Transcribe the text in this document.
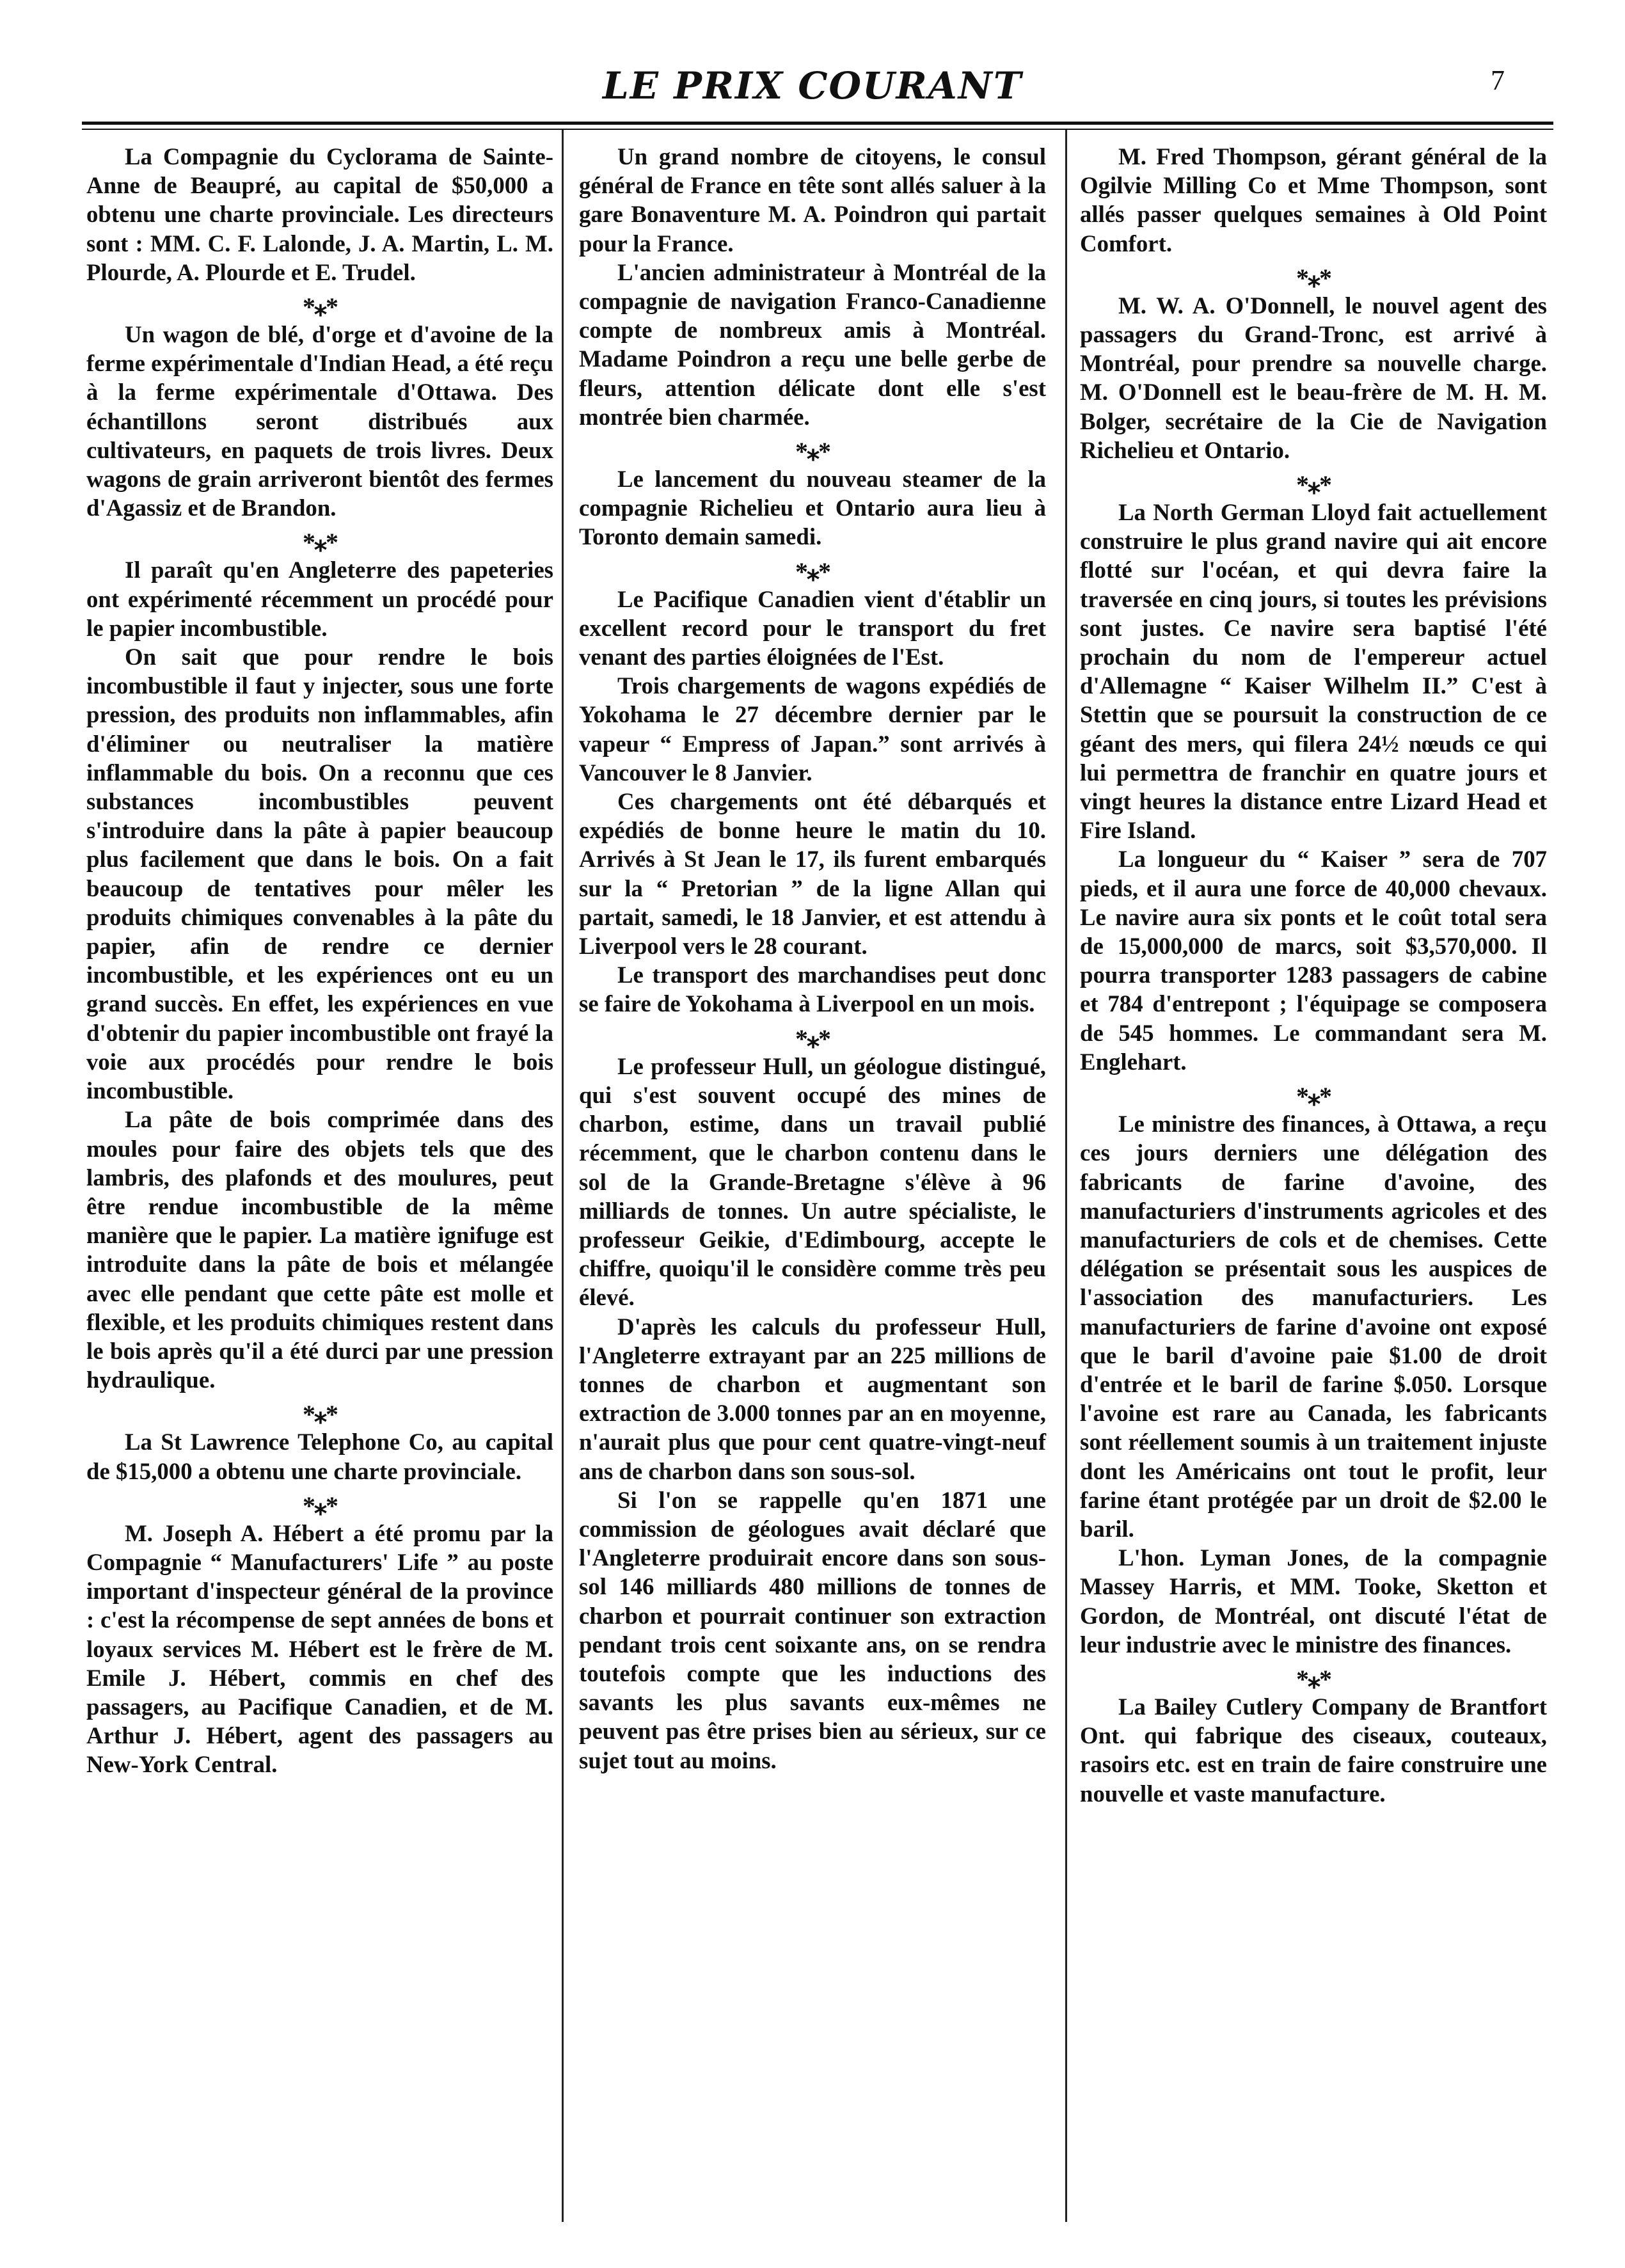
LE PRIX COURANT	7
La Compagnie du Cyclorama de Sainte-Anne de Beaupré, au capital de $50,000 a obtenu une charte provinciale. Les directeurs sont : MM. C. F. Lalonde, J. A. Martin, L. M. Plourde, A. Plourde et E. Trudel.
*⁎*
Un wagon de blé, d'orge et d'avoine de la ferme expérimentale d'Indian Head, a été reçu à la ferme expérimentale d'Ottawa. Des échantillons seront distribués aux cultivateurs, en paquets de trois livres. Deux wagons de grain arriveront bientôt des fermes d'Agassiz et de Brandon.
*⁎*
Il paraît qu'en Angleterre des papeteries ont expérimenté récemment un procédé pour le papier incombustible.
On sait que pour rendre le bois incombustible il faut y injecter, sous une forte pression, des produits non inflammables, afin d'éliminer ou neutraliser la matière inflammable du bois. On a reconnu que ces substances incombustibles peuvent s'introduire dans la pâte à papier beaucoup plus facilement que dans le bois. On a fait beaucoup de tentatives pour mêler les produits chimiques convenables à la pâte du papier, afin de rendre ce dernier incombustible, et les expériences ont eu un grand succès. En effet, les expériences en vue d'obtenir du papier incombustible ont frayé la voie aux procédés pour rendre le bois incombustible.
La pâte de bois comprimée dans des moules pour faire des objets tels que des lambris, des plafonds et des moulures, peut être rendue incombustible de la même manière que le papier. La matière ignifuge est introduite dans la pâte de bois et mélangée avec elle pendant que cette pâte est molle et flexible, et les produits chimiques restent dans le bois après qu'il a été durci par une pression hydraulique.
*⁎*
La St Lawrence Telephone Co, au capital de $15,000 a obtenu une charte provinciale.
*⁎*
M. Joseph A. Hébert a été promu par la Compagnie “ Manufacturers' Life ” au poste important d'inspecteur général de la province : c'est la récompense de sept années de bons et loyaux services M. Hébert est le frère de M. Emile J. Hébert, commis en chef des passagers, au Pacifique Canadien, et de M. Arthur J. Hébert, agent des passagers au New-York Central.
Un grand nombre de citoyens, le consul général de France en tête sont allés saluer à la gare Bonaventure M. A. Poindron qui partait pour la France.
L'ancien administrateur à Montréal de la compagnie de navigation Franco-Canadienne compte de nombreux amis à Montréal. Madame Poindron a reçu une belle gerbe de fleurs, attention délicate dont elle s'est montrée bien charmée.
*⁎*
Le lancement du nouveau steamer de la compagnie Richelieu et Ontario aura lieu à Toronto demain samedi.
*⁎*
Le Pacifique Canadien vient d'établir un excellent record pour le transport du fret venant des parties éloignées de l'Est.
Trois chargements de wagons expédiés de Yokohama le 27 décembre dernier par le vapeur “ Empress of Japan.” sont arrivés à Vancouver le 8 Janvier.
Ces chargements ont été débarqués et expédiés de bonne heure le matin du 10. Arrivés à St Jean le 17, ils furent embarqués sur la “ Pretorian ” de la ligne Allan qui partait, samedi, le 18 Janvier, et est attendu à Liverpool vers le 28 courant.
Le transport des marchandises peut donc se faire de Yokohama à Liverpool en un mois.
*⁎*
Le professeur Hull, un géologue distingué, qui s'est souvent occupé des mines de charbon, estime, dans un travail publié récemment, que le charbon contenu dans le sol de la Grande-Bretagne s'élève à 96 milliards de tonnes. Un autre spécialiste, le professeur Geikie, d'Edimbourg, accepte le chiffre, quoiqu'il le considère comme très peu élevé.
D'après les calculs du professeur Hull, l'Angleterre extrayant par an 225 millions de tonnes de charbon et augmentant son extraction de 3.000 tonnes par an en moyenne, n'aurait plus que pour cent quatre-vingt-neuf ans de charbon dans son sous-sol.
Si l'on se rappelle qu'en 1871 une commission de géologues avait déclaré que l'Angleterre produirait encore dans son sous-sol 146 milliards 480 millions de tonnes de charbon et pourrait continuer son extraction pendant trois cent soixante ans, on se rendra toutefois compte que les inductions des savants les plus savants eux-mêmes ne peuvent pas être prises bien au sérieux, sur ce sujet tout au moins.
M. Fred Thompson, gérant général de la Ogilvie Milling Co et Mme Thompson, sont allés passer quelques semaines à Old Point Comfort.
*⁎*
M. W. A. O'Donnell, le nouvel agent des passagers du Grand-Tronc, est arrivé à Montréal, pour prendre sa nouvelle charge. M. O'Donnell est le beau-frère de M. H. M. Bolger, secrétaire de la Cie de Navigation Richelieu et Ontario.
*⁎*
La North German Lloyd fait actuellement construire le plus grand navire qui ait encore flotté sur l'océan, et qui devra faire la traversée en cinq jours, si toutes les prévisions sont justes. Ce navire sera baptisé l'été prochain du nom de l'empereur actuel d'Allemagne “ Kaiser Wilhelm II.” C'est à Stettin que se poursuit la construction de ce géant des mers, qui filera 24½ nœuds ce qui lui permettra de franchir en quatre jours et vingt heures la distance entre Lizard Head et Fire Island.
La longueur du “ Kaiser ” sera de 707 pieds, et il aura une force de 40,000 chevaux. Le navire aura six ponts et le coût total sera de 15,000,000 de marcs, soit $3,570,000. Il pourra transporter 1283 passagers de cabine et 784 d'entrepont ; l'équipage se composera de 545 hommes. Le commandant sera M. Englehart.
*⁎*
Le ministre des finances, à Ottawa, a reçu ces jours derniers une délégation des fabricants de farine d'avoine, des manufacturiers d'instruments agricoles et des manufacturiers de cols et de chemises. Cette délégation se présentait sous les auspices de l'association des manufacturiers. Les manufacturiers de farine d'avoine ont exposé que le baril d'avoine paie $1.00 de droit d'entrée et le baril de farine $.050. Lorsque l'avoine est rare au Canada, les fabricants sont réellement soumis à un traitement injuste dont les Américains ont tout le profit, leur farine étant protégée par un droit de $2.00 le baril.
L'hon. Lyman Jones, de la compagnie Massey Harris, et MM. Tooke, Sketton et Gordon, de Montréal, ont discuté l'état de leur industrie avec le ministre des finances.
*⁎*
La Bailey Cutlery Company de Brantfort Ont. qui fabrique des ciseaux, couteaux, rasoirs etc. est en train de faire construire une nouvelle et vaste manufacture.
